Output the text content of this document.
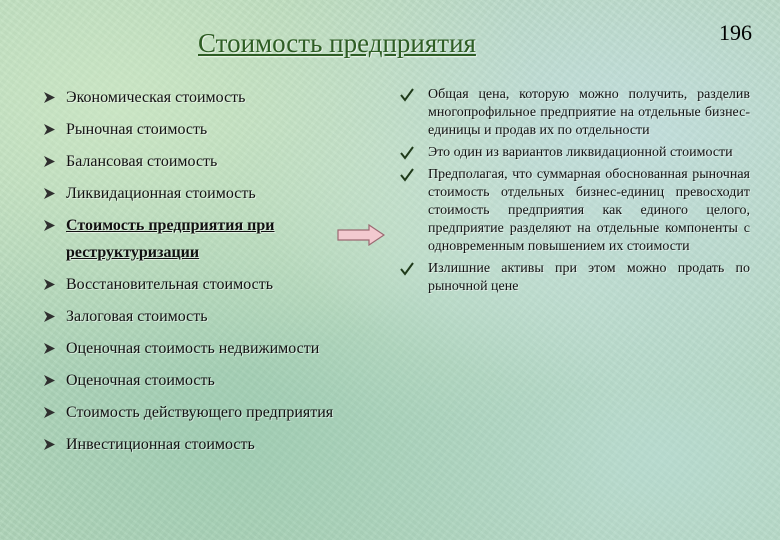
Стоимость предприятия	196
Экономическая стоимость
Рыночная стоимость
Балансовая стоимость
Ликвидационная стоимость
Стоимость предприятия при реструктуризации
Восстановительная стоимость
Залоговая стоимость
Оценочная стоимость недвижимости
Оценочная стоимость
Стоимость действующего предприятия
Инвестиционная стоимость
Общая цена, которую можно получить, разделив многопрофильное предприятие на отдельные бизнес-единицы и продав их по отдельности
Это один из вариантов ликвидационной стоимости
Предполагая, что суммарная обоснованная рыночная стоимость отдельных бизнес-единиц превосходит стоимость предприятия как единого целого, предприятие разделяют на отдельные компоненты с одновременным повышением их стоимости
Излишние активы при этом можно продать по рыночной цене
